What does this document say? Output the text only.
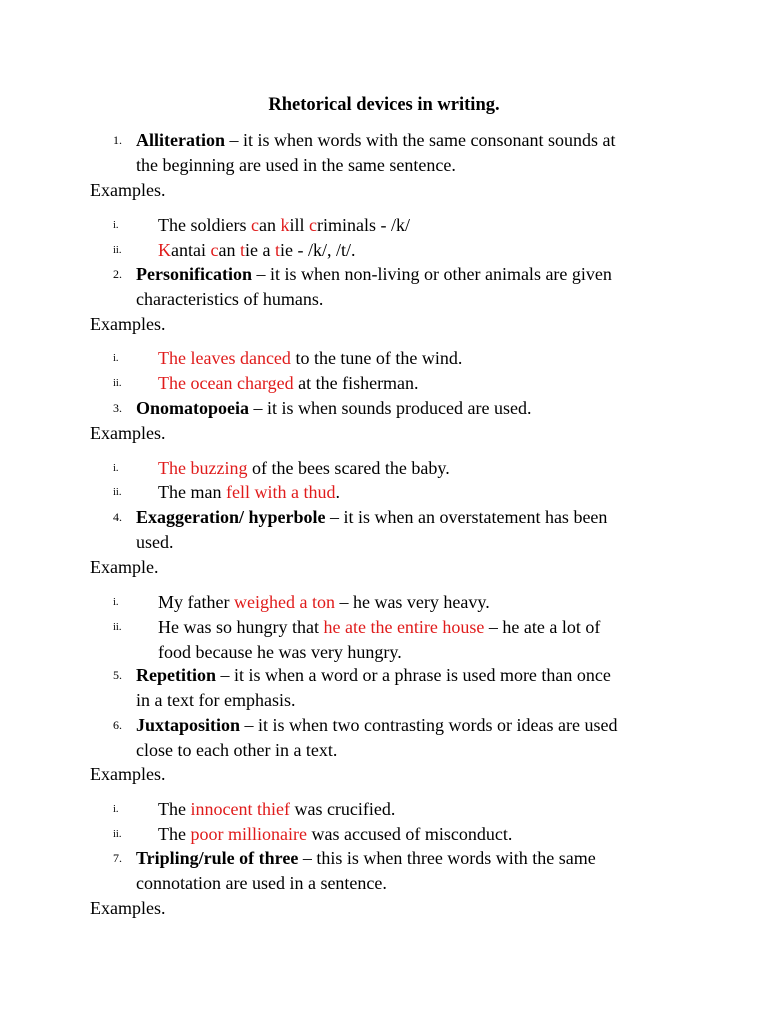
Rhetorical devices in writing.
1. Alliteration – it is when words with the same consonant sounds at
the beginning are used in the same sentence.
Examples.
i. The soldiers can kill criminals - /k/
ii. Kantai can tie a tie - /k/, /t/.
2. Personification – it is when non-living or other animals are given
characteristics of humans.
Examples.
i. The leaves danced to the tune of the wind.
ii. The ocean charged at the fisherman.
3. Onomatopoeia – it is when sounds produced are used.
Examples.
i. The buzzing of the bees scared the baby.
ii. The man fell with a thud.
4. Exaggeration/ hyperbole – it is when an overstatement has been
used.
Example.
i. My father weighed a ton – he was very heavy.
ii. He was so hungry that he ate the entire house – he ate a lot of
food because he was very hungry.
5. Repetition – it is when a word or a phrase is used more than once
in a text for emphasis.
6. Juxtaposition – it is when two contrasting words or ideas are used
close to each other in a text.
Examples.
i. The innocent thief was crucified.
ii. The poor millionaire was accused of misconduct.
7. Tripling/rule of three – this is when three words with the same
connotation are used in a sentence.
Examples.
